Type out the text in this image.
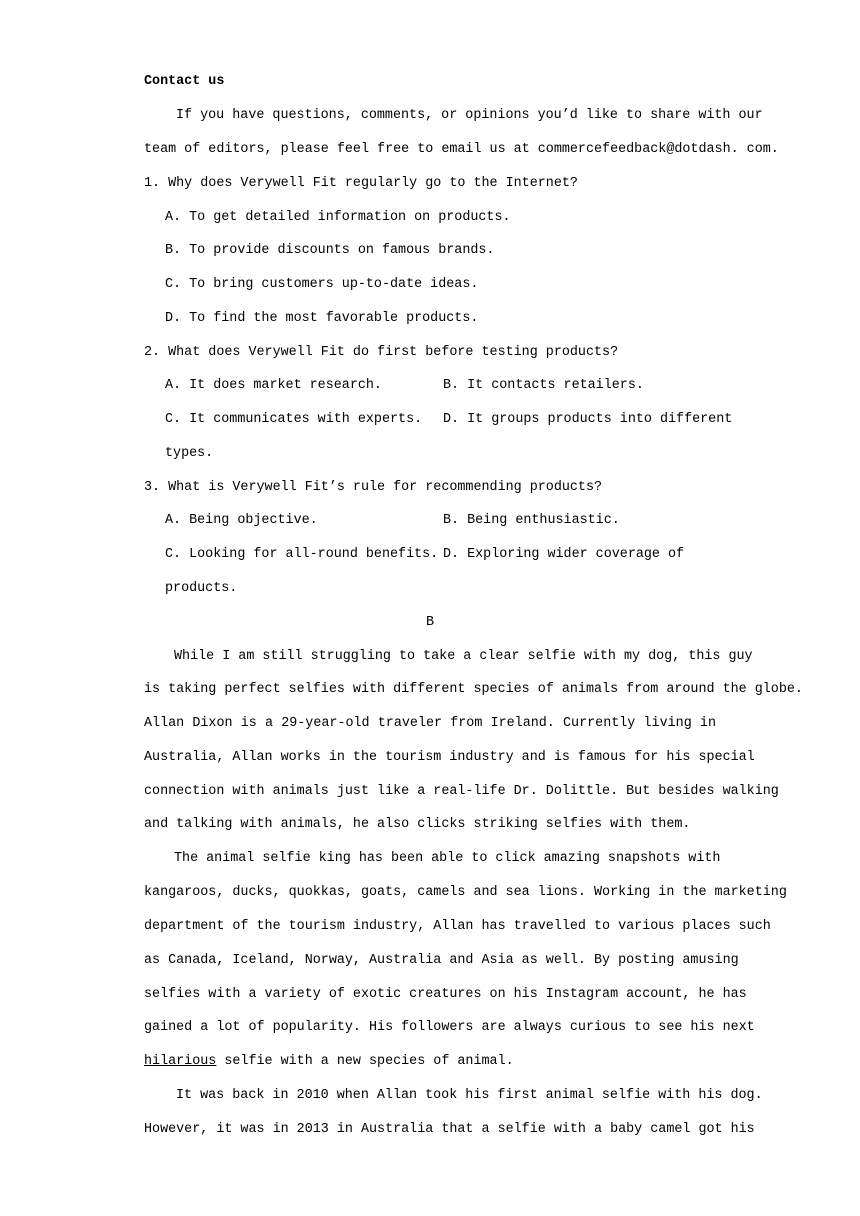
Contact us
If you have questions, comments, or opinions you’d like to share with our
team of editors, please feel free to email us at commercefeedback@dotdash. com.
1. Why does Verywell Fit regularly go to the Internet?
A. To get detailed information on products.
B. To provide discounts on famous brands.
C. To bring customers up-to-date ideas.
D. To find the most favorable products.
2. What does Verywell Fit do first before testing products?
A. It does market research.	B. It contacts retailers.
C. It communicates with experts. D. It groups products into different
types.
3. What is Verywell Fit’s rule for recommending products?
A. Being objective.	B. Being enthusiastic.
C. Looking for all-round benefits. D. Exploring wider coverage of
products.
B
While I am still struggling to take a clear selfie with my dog, this guy
is taking perfect selfies with different species of animals from around the globe.
Allan Dixon is a 29-year-old traveler from Ireland. Currently living in
Australia, Allan works in the tourism industry and is famous for his special
connection with animals just like a real-life Dr. Dolittle. But besides walking
and talking with animals, he also clicks striking selfies with them.
The animal selfie king has been able to click amazing snapshots with
kangaroos, ducks, quokkas, goats, camels and sea lions. Working in the marketing
department of the tourism industry, Allan has travelled to various places such
as Canada, Iceland, Norway, Australia and Asia as well. By posting amusing
selfies with a variety of exotic creatures on his Instagram account, he has
gained a lot of popularity. His followers are always curious to see his next
hilarious selfie with a new species of animal.
It was back in 2010 when Allan took his first animal selfie with his dog.
However, it was in 2013 in Australia that a selfie with a baby camel got his
